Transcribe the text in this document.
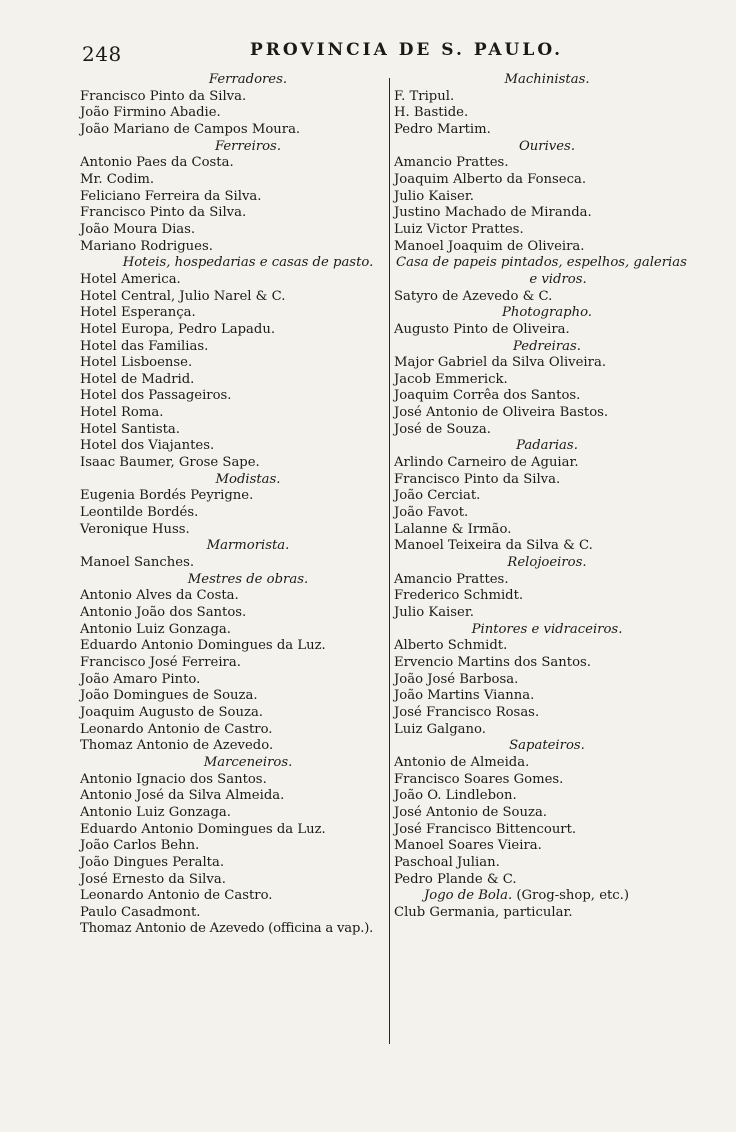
248	PROVINCIA DE S. PAULO.
Ferradores.
Francisco Pinto da Silva.
João Firmino Abadie.
João Mariano de Campos Moura.
Ferreiros.
Antonio Paes da Costa.
Mr. Codim.
Feliciano Ferreira da Silva.
Francisco Pinto da Silva.
João Moura Dias.
Mariano Rodrigues.
Hoteis, hospedarias e casas de pasto.
Hotel America.
Hotel Central, Julio Narel & C.
Hotel Esperança.
Hotel Europa, Pedro Lapadu.
Hotel das Familias.
Hotel Lisboense.
Hotel de Madrid.
Hotel dos Passageiros.
Hotel Roma.
Hotel Santista.
Hotel dos Viajantes.
Isaac Baumer, Grose Sape.
Modistas.
Eugenia Bordés Peyrigne.
Leontilde Bordés.
Veronique Huss.
Marmorista.
Manoel Sanches.
Mestres de obras.
Antonio Alves da Costa.
Antonio João dos Santos.
Antonio Luiz Gonzaga.
Eduardo Antonio Domingues da Luz.
Francisco José Ferreira.
João Amaro Pinto.
João Domingues de Souza.
Joaquim Augusto de Souza.
Leonardo Antonio de Castro.
Thomaz Antonio de Azevedo.
Marceneiros.
Antonio Ignacio dos Santos.
Antonio José da Silva Almeida.
Antonio Luiz Gonzaga.
Eduardo Antonio Domingues da Luz.
João Carlos Behn.
João Dingues Peralta.
José Ernesto da Silva.
Leonardo Antonio de Castro.
Paulo Casadmont.
Thomaz Antonio de Azevedo (officina a vap.).
Machinistas.
F. Tripul.
H. Bastide.
Pedro Martim.
Ourives.
Amancio Prattes.
Joaquim Alberto da Fonseca.
Julio Kaiser.
Justino Machado de Miranda.
Luiz Victor Prattes.
Manoel Joaquim de Oliveira.
Casa de papeis pintados, espelhos, galerias
e vidros.
Satyro de Azevedo & C.
Photographo.
Augusto Pinto de Oliveira.
Pedreiras.
Major Gabriel da Silva Oliveira.
Jacob Emmerick.
Joaquim Corrêa dos Santos.
José Antonio de Oliveira Bastos.
José de Souza.
Padarias.
Arlindo Carneiro de Aguiar.
Francisco Pinto da Silva.
João Cerciat.
João Favot.
Lalanne & Irmão.
Manoel Teixeira da Silva & C.
Relojoeiros.
Amancio Prattes.
Frederico Schmidt.
Julio Kaiser.
Pintores e vidraceiros.
Alberto Schmidt.
Ervencio Martins dos Santos.
João José Barbosa.
João Martins Vianna.
José Francisco Rosas.
Luiz Galgano.
Sapateiros.
Antonio de Almeida.
Francisco Soares Gomes.
João O. Lindlebon.
José Antonio de Souza.
José Francisco Bittencourt.
Manoel Soares Vieira.
Paschoal Julian.
Pedro Plande & C.
Jogo de Bola. (Grog-shop, etc.)
Club Germania, particular.
